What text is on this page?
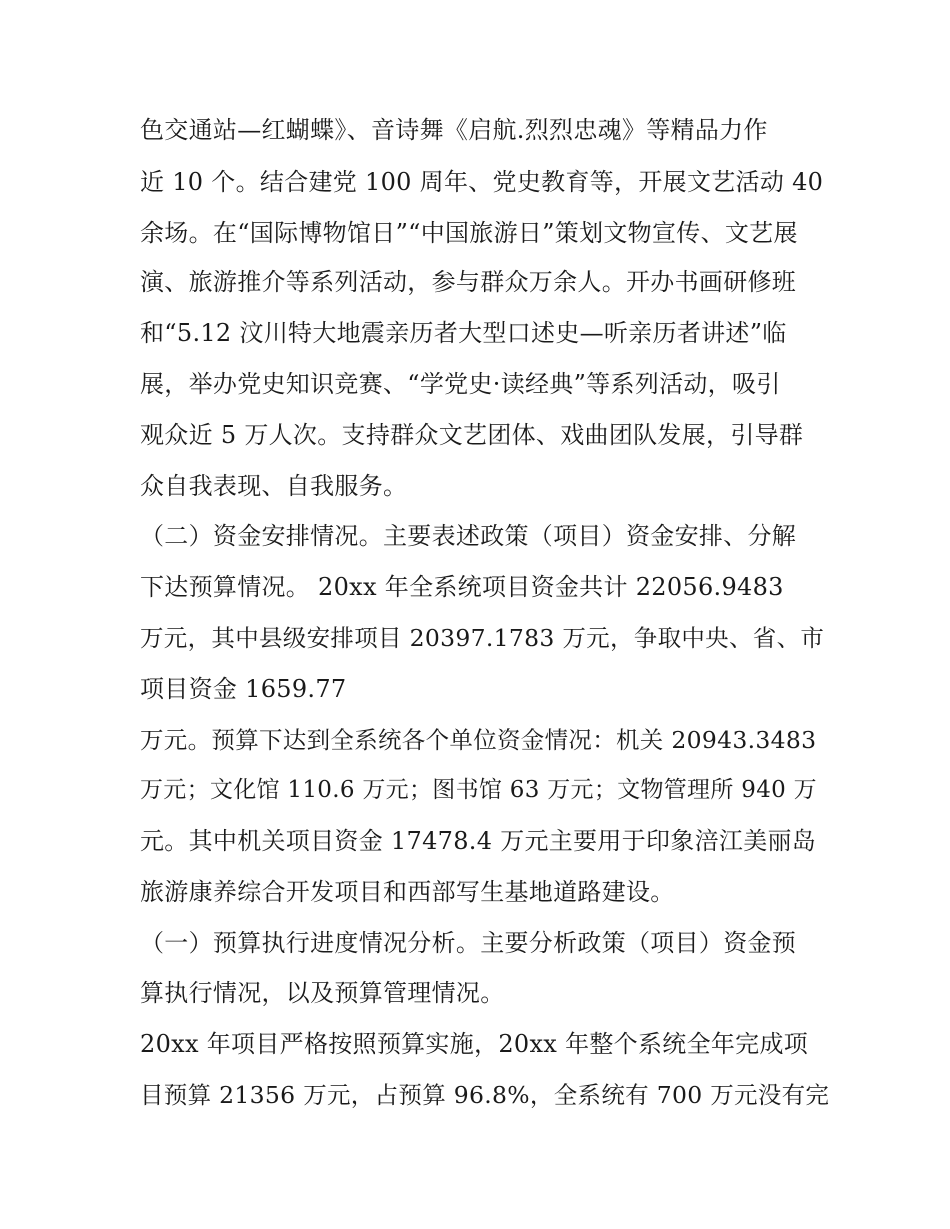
色交通站—红蝴蝶》、音诗舞《启航.烈烈忠魂》等精品力作

近 10 个。结合建党 100 周年、党史教育等，开展文艺活动 40

余场。在“国际博物馆日”“中国旅游日”策划文物宣传、文艺展

演、旅游推介等系列活动，参与群众万余人。开办书画研修班

和“5.12 汶川特大地震亲历者大型口述史—听亲历者讲述”临

展，举办党史知识竞赛、“学党史·读经典”等系列活动，吸引

观众近 5 万人次。支持群众文艺团体、戏曲团队发展，引导群

众自我表现、自我服务。

（二）资金安排情况。主要表述政策（项目）资金安排、分解

下达预算情况。 20xx 年全系统项目资金共计 22056.9483

万元，其中县级安排项目 20397.1783 万元，争取中央、省、市

项目资金 1659.77

万元。预算下达到全系统各个单位资金情况：机关 20943.3483

万元；文化馆 110.6 万元；图书馆 63 万元；文物管理所 940 万

元。其中机关项目资金 17478.4 万元主要用于印象涪江美丽岛

旅游康养综合开发项目和西部写生基地道路建设。

（一）预算执行进度情况分析。主要分析政策（项目）资金预

算执行情况，以及预算管理情况。

20xx 年项目严格按照预算实施，20xx 年整个系统全年完成项

目预算 21356 万元，占预算 96.8%，全系统有 700 万元没有完
